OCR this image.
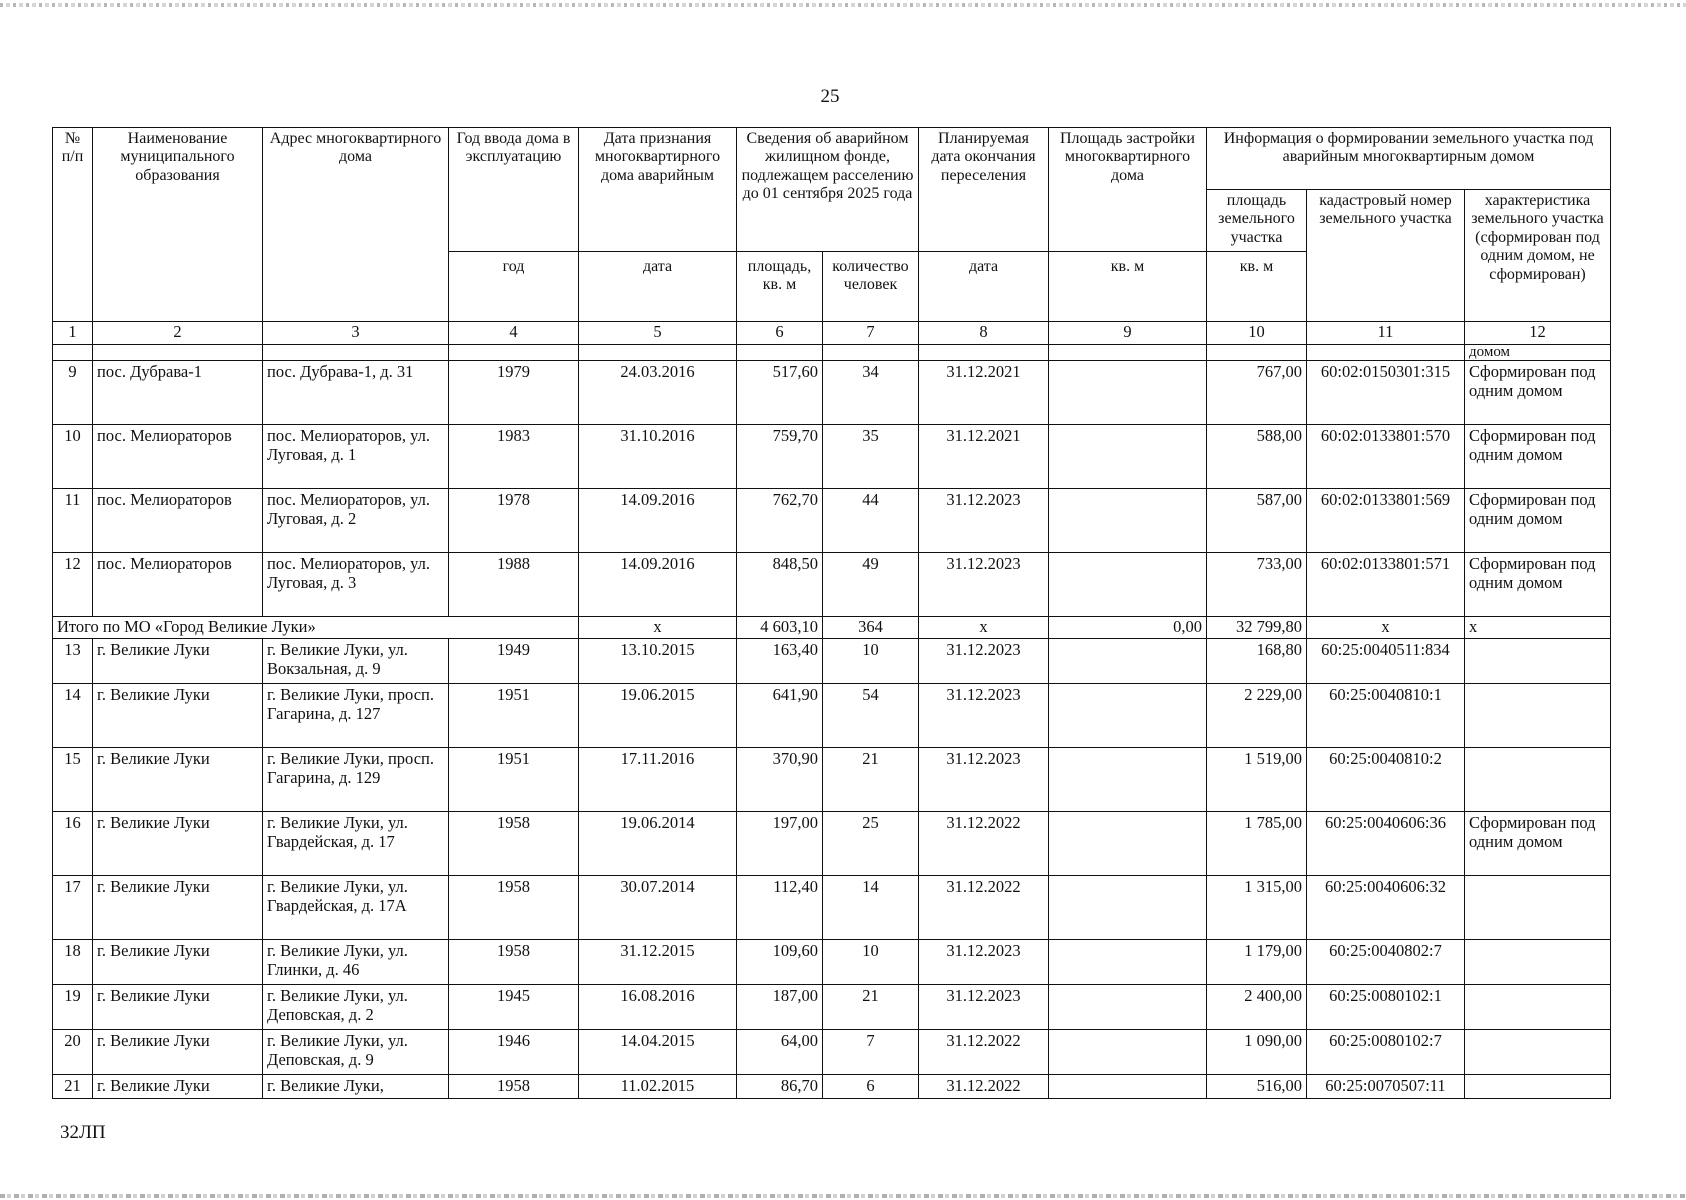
25
№ п/п	Наименование муниципального образования	Адрес многоквартирного дома	Год ввода дома в эксплуатацию	Дата признания многоквартирного дома аварийным	Сведения об аварийном жилищном фонде, подлежащем расселению до 01 сентября 2025 года		Планируемая дата окончания переселения	Площадь застройки многоквартирного дома	Информация о формировании земельного участка под аварийным многоквартирным домом		
									площадь земельного участка	кадастровый номер земельного участка	характеристика земельного участка (сформирован под одним домом, не сформирован)
			год	дата	площадь, кв. м	количество человек	дата	кв. м	кв. м		
1	2	3	4	5	6	7	8	9	10	11	12
											домом
9	пос. Дубрава-1	пос. Дубрава-1, д. 31	1979	24.03.2016	517,60	34	31.12.2021		767,00	60:02:0150301:315	Сформирован под одним домом
10	пос. Мелиораторов	пос. Мелиораторов, ул. Луговая, д. 1	1983	31.10.2016	759,70	35	31.12.2021		588,00	60:02:0133801:570	Сформирован под одним домом
11	пос. Мелиораторов	пос. Мелиораторов, ул. Луговая, д. 2	1978	14.09.2016	762,70	44	31.12.2023		587,00	60:02:0133801:569	Сформирован под одним домом
12	пос. Мелиораторов	пос. Мелиораторов, ул. Луговая, д. 3	1988	14.09.2016	848,50	49	31.12.2023		733,00	60:02:0133801:571	Сформирован под одним домом
Итого по МО «Город Великие Луки»				х	4 603,10	364	х	0,00	32 799,80	х	х
13	г. Великие Луки	г. Великие Луки, ул. Вокзальная, д. 9	1949	13.10.2015	163,40	10	31.12.2023		168,80	60:25:0040511:834	
14	г. Великие Луки	г. Великие Луки, просп. Гагарина, д. 127	1951	19.06.2015	641,90	54	31.12.2023		2 229,00	60:25:0040810:1	
15	г. Великие Луки	г. Великие Луки, просп. Гагарина, д. 129	1951	17.11.2016	370,90	21	31.12.2023		1 519,00	60:25:0040810:2	
16	г. Великие Луки	г. Великие Луки, ул. Гвардейская, д. 17	1958	19.06.2014	197,00	25	31.12.2022		1 785,00	60:25:0040606:36	Сформирован под одним домом
17	г. Великие Луки	г. Великие Луки, ул. Гвардейская, д. 17А	1958	30.07.2014	112,40	14	31.12.2022		1 315,00	60:25:0040606:32	
18	г. Великие Луки	г. Великие Луки, ул. Глинки, д. 46	1958	31.12.2015	109,60	10	31.12.2023		1 179,00	60:25:0040802:7	
19	г. Великие Луки	г. Великие Луки, ул. Деповская, д. 2	1945	16.08.2016	187,00	21	31.12.2023		2 400,00	60:25:0080102:1	
20	г. Великие Луки	г. Великие Луки, ул. Деповская, д. 9	1946	14.04.2015	64,00	7	31.12.2022		1 090,00	60:25:0080102:7	
21	г. Великие Луки	г. Великие Луки,	1958	11.02.2015	86,70	6	31.12.2022		516,00	60:25:0070507:11	
32ЛП
